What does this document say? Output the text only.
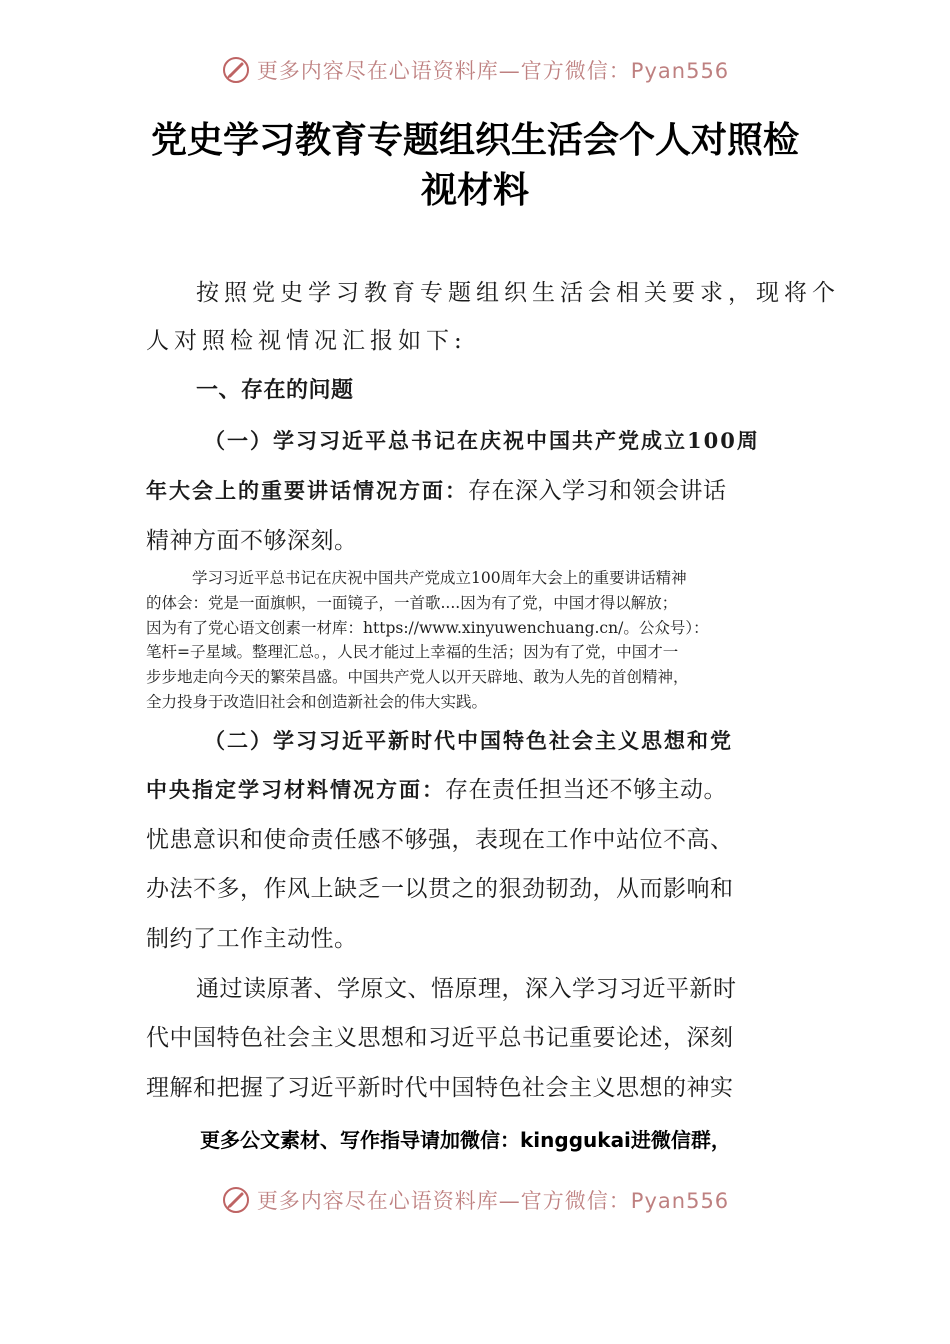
更多内容尽在心语资料库—官方微信：Pyan556
党史学习教育专题组织生活会个人对照检
视材料
按照党史学习教育专题组织生活会相关要求，现将个
人对照检视情况汇报如下:
一、存在的问题
（一）学习习近平总书记在庆祝中国共产党成立100周
年大会上的重要讲话情况方面：存在深入学习和领会讲话
精神方面不够深刻。
学习习近平总书记在庆祝中国共产党成立100周年大会上的重要讲话精神
的体会：党是一面旗帜，一面镜子，一首歌....因为有了党，中国才得以解放；
因为有了党心语文创素一材库：https://www.xinyuwenchuang.cn/。公众号）：
笔杆=子星域。整理汇总。，人民才能过上幸福的生活；因为有了党，中国才一
步步地走向今天的繁荣昌盛。中国共产党人以开天辟地、敢为人先的首创精神，
全力投身于改造旧社会和创造新社会的伟大实践。
（二）学习习近平新时代中国特色社会主义思想和党
中央指定学习材料情况方面：存在责任担当还不够主动。
忧患意识和使命责任感不够强，表现在工作中站位不高、
办法不多，作风上缺乏一以贯之的狠劲韧劲，从而影响和
制约了工作主动性。
通过读原著、学原文、悟原理，深入学习习近平新时
代中国特色社会主义思想和习近平总书记重要论述，深刻
理解和把握了习近平新时代中国特色社会主义思想的神实
更多公文素材、写作指导请加微信：kinggukai进微信群，
更多内容尽在心语资料库—官方微信：Pyan556
